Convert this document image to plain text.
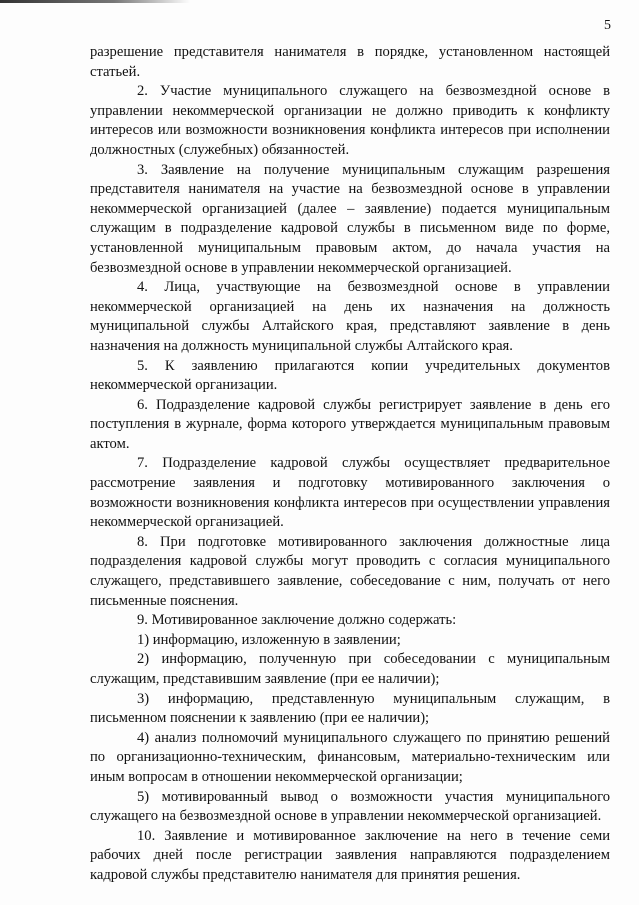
5

разрешение представителя нанимателя в порядке, установленном настоящей статьей.

2. Участие муниципального служащего на безвозмездной основе в управлении некоммерческой организации не должно приводить к конфликту интересов или возможности возникновения конфликта интересов при исполнении должностных (служебных) обязанностей.

3. Заявление на получение муниципальным служащим разрешения представителя нанимателя на участие на безвозмездной основе в управлении некоммерческой организацией (далее – заявление) подается муниципальным служащим в подразделение кадровой службы в письменном виде по форме, установленной муниципальным правовым актом, до начала участия на безвозмездной основе в управлении некоммерческой организацией.

4. Лица, участвующие на безвозмездной основе в управлении некоммерческой организацией на день их назначения на должность муниципальной службы Алтайского края, представляют заявление в день назначения на должность муниципальной службы Алтайского края.

5. К заявлению прилагаются копии учредительных документов некоммерческой организации.

6. Подразделение кадровой службы регистрирует заявление в день его поступления в журнале, форма которого утверждается муниципальным правовым актом.

7. Подразделение кадровой службы осуществляет предварительное рассмотрение заявления и подготовку мотивированного заключения о возможности возникновения конфликта интересов при осуществлении управления некоммерческой организацией.

8. При подготовке мотивированного заключения должностные лица подразделения кадровой службы могут проводить с согласия муниципального служащего, представившего заявление, собеседование с ним, получать от него письменные пояснения.

9. Мотивированное заключение должно содержать:

1) информацию, изложенную в заявлении;

2) информацию, полученную при собеседовании с муниципальным служащим, представившим заявление (при ее наличии);

3) информацию, представленную муниципальным служащим, в письменном пояснении к заявлению (при ее наличии);

4) анализ полномочий муниципального служащего по принятию решений по организационно-техническим, финансовым, материально-техническим или иным вопросам в отношении некоммерческой организации;

5) мотивированный вывод о возможности участия муниципального служащего на безвозмездной основе в управлении некоммерческой организацией.

10. Заявление и мотивированное заключение на него в течение семи рабочих дней после регистрации заявления направляются подразделением кадровой службы представителю нанимателя для принятия решения.
